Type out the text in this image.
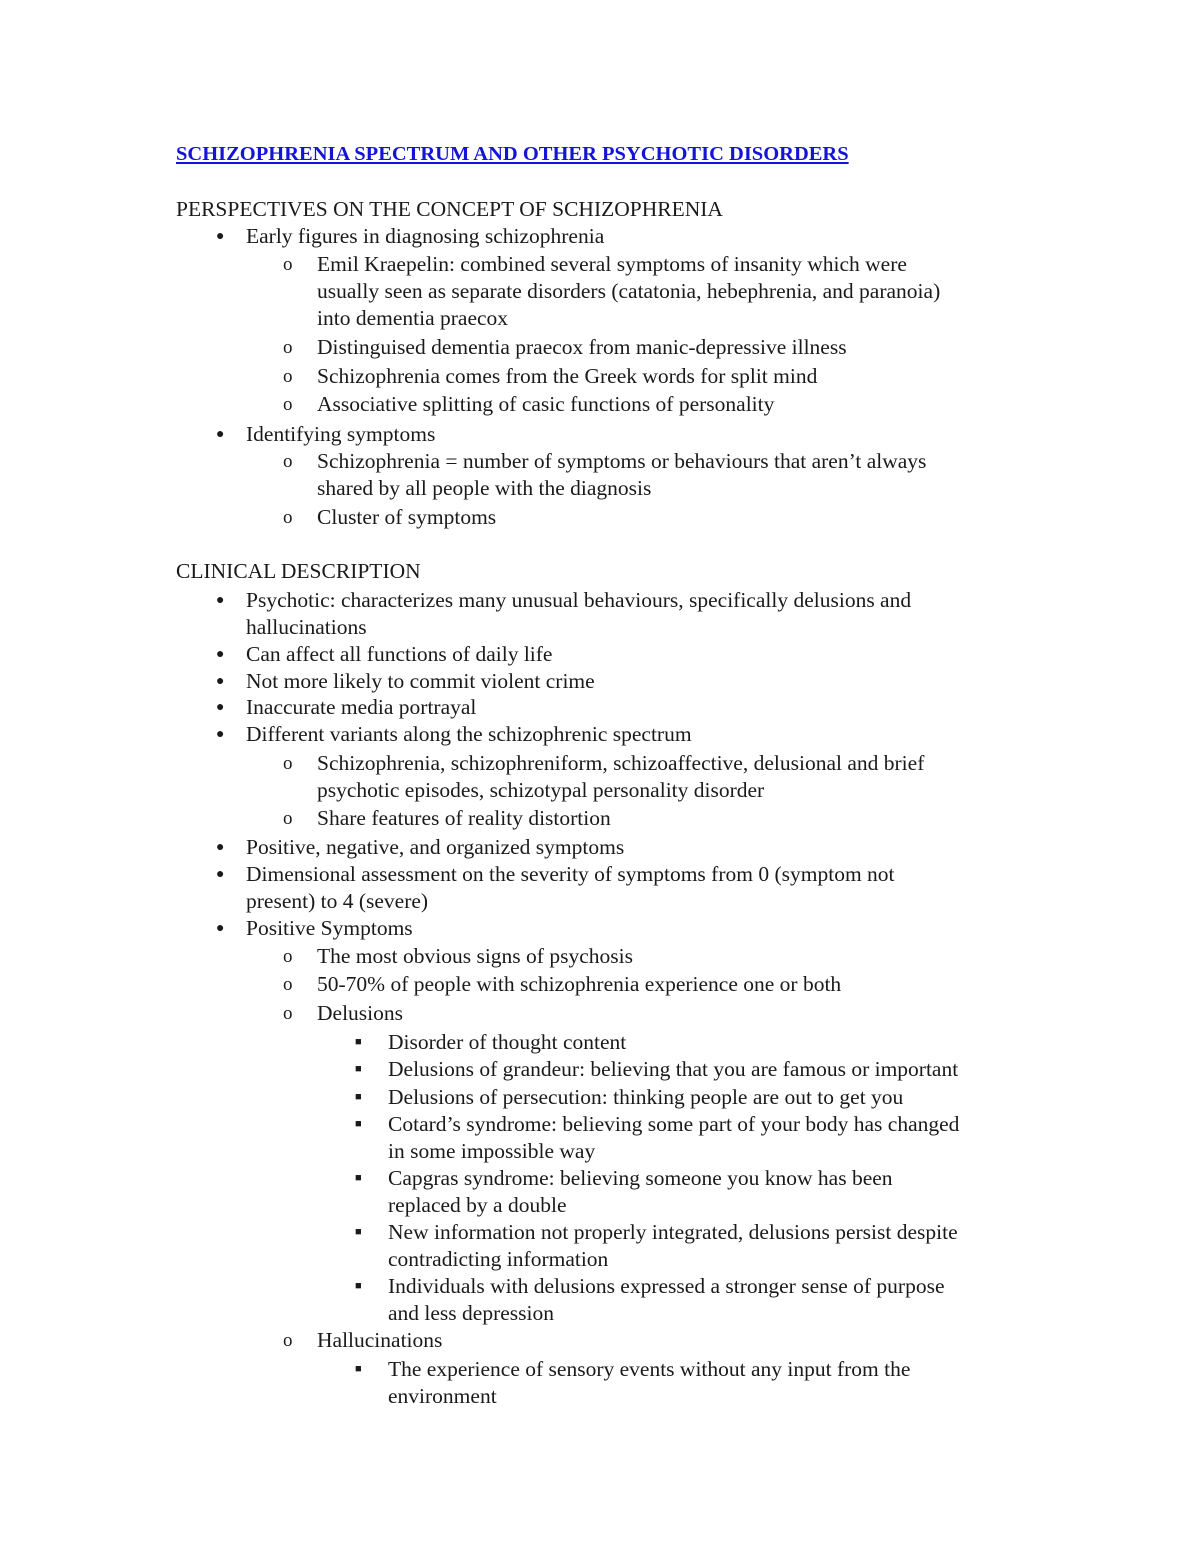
SCHIZOPHRENIA SPECTRUM AND OTHER PSYCHOTIC DISORDERS
PERSPECTIVES ON THE CONCEPT OF SCHIZOPHRENIA
● Early figures in diagnosing schizophrenia
o Emil Kraepelin: combined several symptoms of insanity which were
usually seen as separate disorders (catatonia, hebephrenia, and paranoia)
into dementia praecox
o Distinguised dementia praecox from manic-depressive illness
o Schizophrenia comes from the Greek words for split mind
o Associative splitting of casic functions of personality
● Identifying symptoms
o Schizophrenia = number of symptoms or behaviours that aren’t always
shared by all people with the diagnosis
o Cluster of symptoms
CLINICAL DESCRIPTION
● Psychotic: characterizes many unusual behaviours, specifically delusions and
hallucinations
● Can affect all functions of daily life
● Not more likely to commit violent crime
● Inaccurate media portrayal
● Different variants along the schizophrenic spectrum
o Schizophrenia, schizophreniform, schizoaffective, delusional and brief
psychotic episodes, schizotypal personality disorder
o Share features of reality distortion
● Positive, negative, and organized symptoms
● Dimensional assessment on the severity of symptoms from 0 (symptom not
present) to 4 (severe)
● Positive Symptoms
o The most obvious signs of psychosis
o 50-70% of people with schizophrenia experience one or both
o Delusions
■ Disorder of thought content
■ Delusions of grandeur: believing that you are famous or important
■ Delusions of persecution: thinking people are out to get you
■ Cotard’s syndrome: believing some part of your body has changed
in some impossible way
■ Capgras syndrome: believing someone you know has been
replaced by a double
■ New information not properly integrated, delusions persist despite
contradicting information
■ Individuals with delusions expressed a stronger sense of purpose
and less depression
o Hallucinations
■ The experience of sensory events without any input from the
environment
